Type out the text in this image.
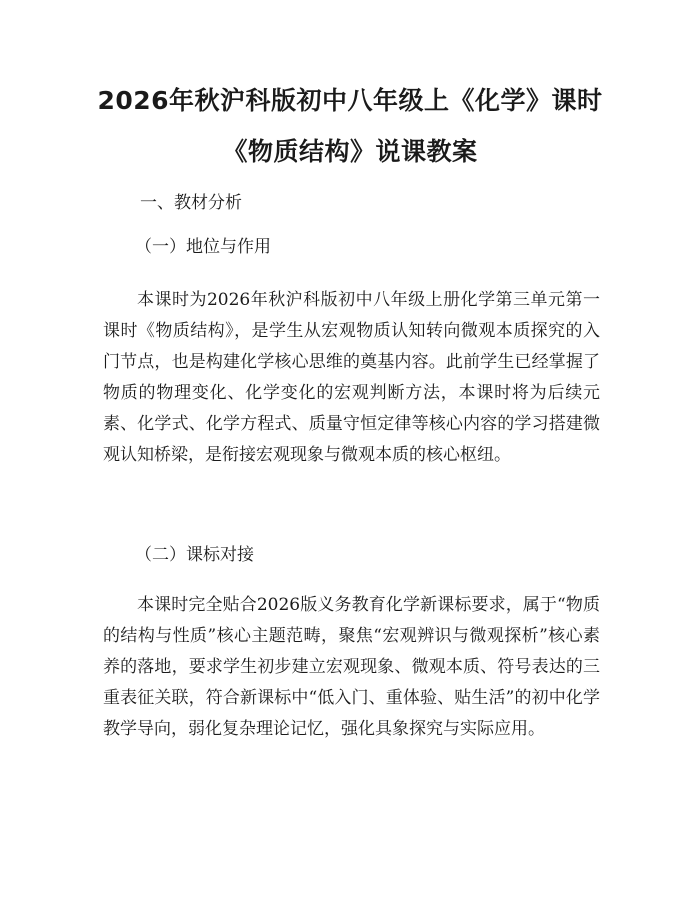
2026年秋沪科版初中八年级上《化学》课时
《物质结构》说课教案
一、教材分析
（一）地位与作用
本课时为2026年秋沪科版初中八年级上册化学第三单元第一课时《物质结构》，是学生从宏观物质认知转向微观本质探究的入门节点，也是构建化学核心思维的奠基内容。此前学生已经掌握了物质的物理变化、化学变化的宏观判断方法，本课时将为后续元素、化学式、化学方程式、质量守恒定律等核心内容的学习搭建微观认知桥梁，是衔接宏观现象与微观本质的核心枢纽。
（二）课标对接
本课时完全贴合2026版义务教育化学新课标要求，属于“物质的结构与性质”核心主题范畴，聚焦“宏观辨识与微观探析”核心素养的落地，要求学生初步建立宏观现象、微观本质、符号表达的三重表征关联，符合新课标中“低入门、重体验、贴生活”的初中化学教学导向，弱化复杂理论记忆，强化具象探究与实际应用。
